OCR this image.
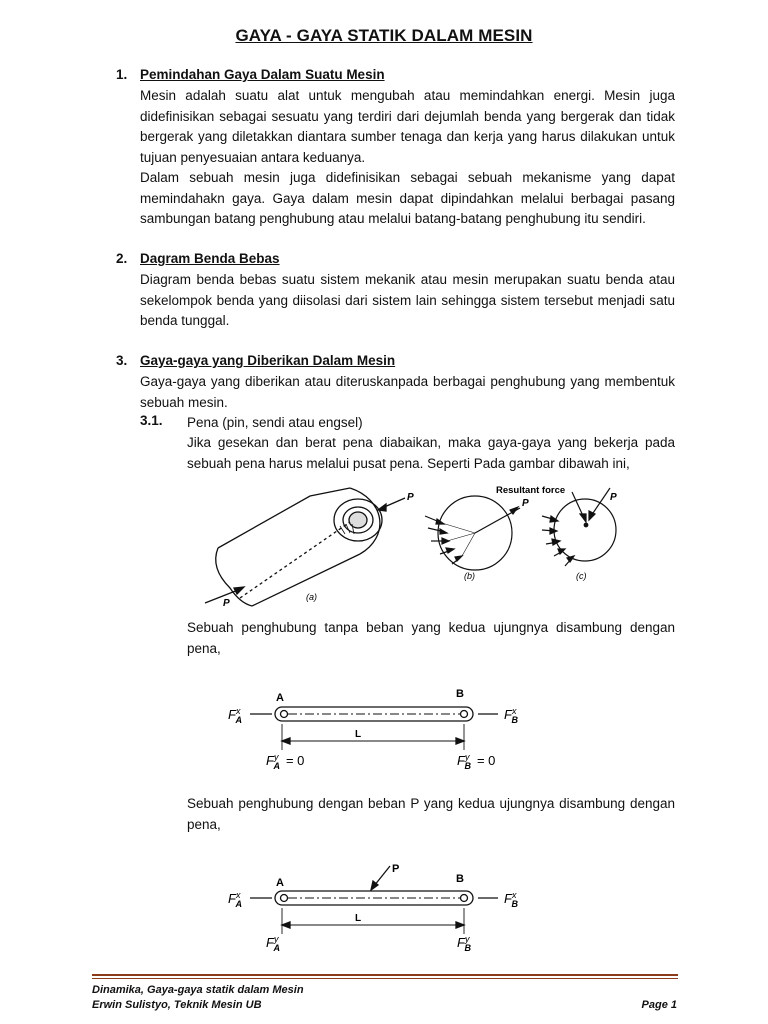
GAYA - GAYA STATIK DALAM MESIN
1. Pemindahan Gaya Dalam Suatu Mesin
Mesin adalah suatu alat untuk mengubah atau memindahkan energi. Mesin juga didefinisikan sebagai sesuatu yang terdiri dari dejumlah benda yang bergerak dan tidak bergerak yang diletakkan diantara sumber tenaga dan kerja yang harus dilakukan untuk tujuan penyesuaian antara keduanya.
Dalam sebuah mesin juga didefinisikan sebagai sebuah mekanisme yang dapat memindahakn gaya. Gaya dalam mesin dapat dipindahkan melalui berbagai pasang sambungan batang penghubung atau melalui batang-batang penghubung itu sendiri.
2. Dagram Benda Bebas
Diagram benda bebas suatu sistem mekanik atau mesin merupakan suatu benda atau sekelompok benda yang diisolasi dari sistem lain sehingga sistem tersebut menjadi satu benda tunggal.
3. Gaya-gaya yang Diberikan Dalam Mesin
Gaya-gaya yang diberikan atau diteruskanpada berbagai penghubung yang membentuk sebuah mesin.
3.1. Pena (pin, sendi atau engsel)
Jika gesekan dan berat pena diabaikan, maka gaya-gaya yang bekerja pada sebuah pena harus melalui pusat pena. Seperti Pada gambar dibawah ini,
P
P
(a)
P
(b)
Resultant force
P
(c)
Sebuah penghubung tanpa beban yang kedua ujungnya disambung dengan pena,
A	B
L
$F^x$ A	$F^x$ B
$F^y$ A = 0	$F^y$ B = 0
Sebuah penghubung dengan beban P yang kedua ujungnya disambung dengan pena,
P
A	B
L
$F^x$ A	$F^x$ B
$F^y$ A	$F^y$ B
Dinamika, Gaya-gaya statik dalam Mesin
Erwin Sulistyo, Teknik Mesin UB	Page 1
